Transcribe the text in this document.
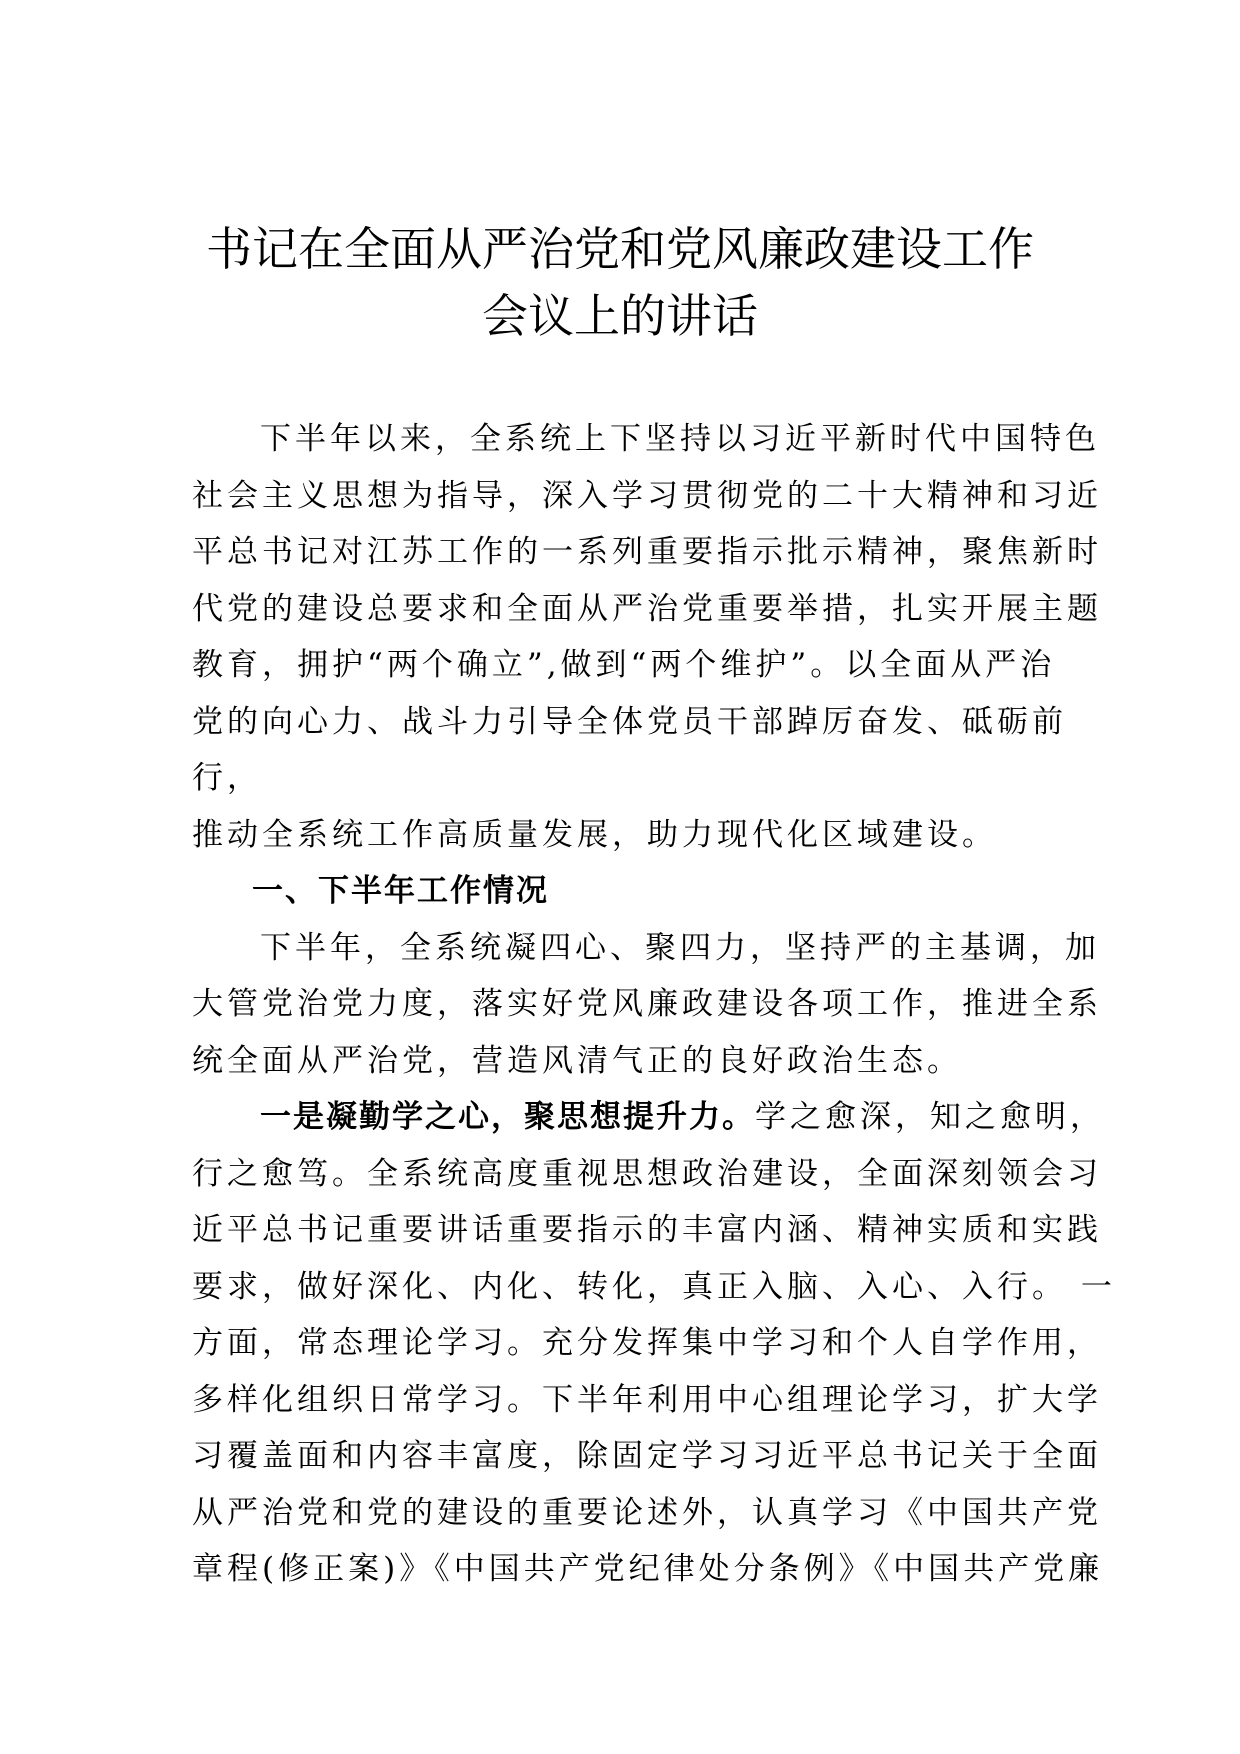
书记在全面从严治党和党风廉政建设工作
会议上的讲话
下半年以来，全系统上下坚持以习近平新时代中国特色
社会主义思想为指导，深入学习贯彻党的二十大精神和习近
平总书记对江苏工作的一系列重要指示批示精神，聚焦新时
代党的建设总要求和全面从严治党重要举措，扎实开展主题
教育，拥护“两个确立”,做到“两个维护”。以全面从严治
党的向心力、战斗力引导全体党员干部踔厉奋发、砥砺前
行，
推动全系统工作高质量发展，助力现代化区域建设。
一、下半年工作情况
下半年，全系统凝四心、聚四力，坚持严的主基调，加
大管党治党力度，落实好党风廉政建设各项工作，推进全系
统全面从严治党，营造风清气正的良好政治生态。
一是凝勤学之心，聚思想提升力。学之愈深，知之愈明，
行之愈笃。全系统高度重视思想政治建设，全面深刻领会习
近平总书记重要讲话重要指示的丰富内涵、精神实质和实践
要求，做好深化、内化、转化，真正入脑、入心、入行。 一
方面，常态理论学习。充分发挥集中学习和个人自学作用，
多样化组织日常学习。下半年利用中心组理论学习，扩大学
习覆盖面和内容丰富度，除固定学习习近平总书记关于全面
从严治党和党的建设的重要论述外，认真学习《中国共产党
章程(修正案)》《中国共产党纪律处分条例》《中国共产党廉
